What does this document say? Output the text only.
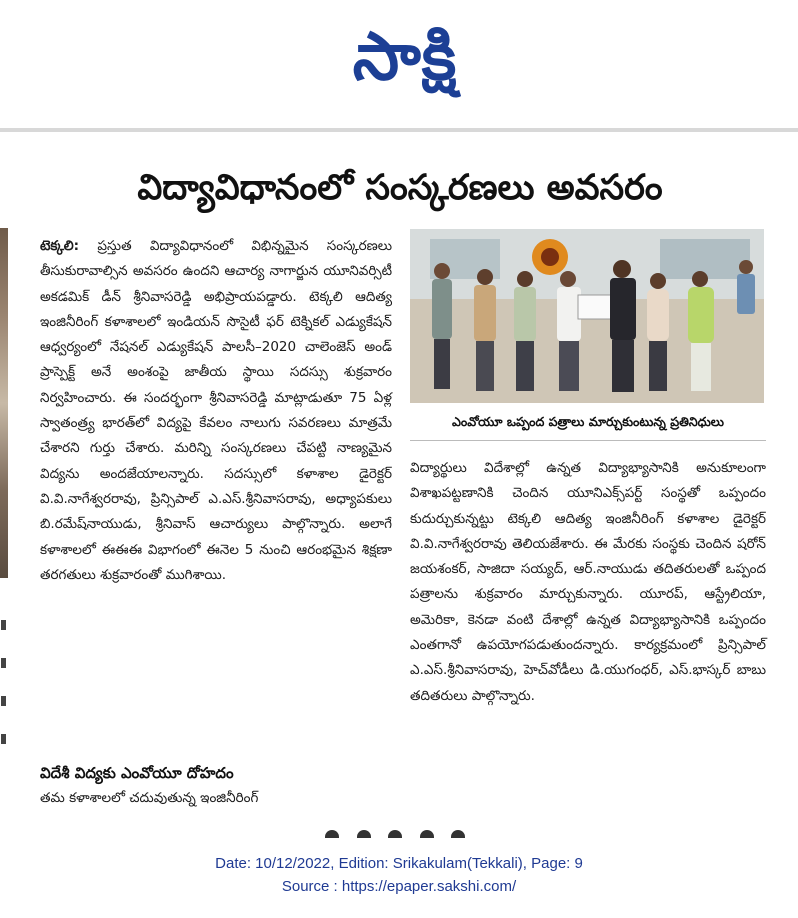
సాక్షి
విద్యావిధానంలో సంస్కరణలు అవసరం
టెక్కలి: ప్రస్తుత విద్యావిధానంలో విభిన్నమైన సంస్కరణలు తీసుకురావాల్సిన అవసరం ఉందని ఆచార్య నాగార్జున యూనివర్సిటీ అకడమిక్ డీన్ శ్రీనివాసరెడ్డి అభిప్రాయపడ్డారు. టెక్కలి ఆదిత్య ఇంజినీరింగ్ కళాశాలలో ఇండియన్ సొసైటీ ఫర్ టెక్నికల్ ఎడ్యుకేషన్ ఆధ్వర్యంలో నేషనల్ ఎడ్యుకేషన్ పాలసీ–2020 చాలెంజెస్ అండ్ ప్రాస్పెక్ట్ అనే అంశంపై జాతీయ స్థాయి సదస్సు శుక్రవారం నిర్వహించారు. ఈ సందర్భంగా శ్రీనివాసరెడ్డి మాట్లాడుతూ 75 ఏళ్ల స్వాతంత్ర్య భారత్‌లో విద్యపై కేవలం నాలుగు సవరణలు మాత్రమే చేశారని గుర్తు చేశారు. మరిన్ని సంస్కరణలు చేపట్టి నాణ్యమైన విద్యను అందజేయాలన్నారు. సదస్సులో కళాశాల డైరెక్టర్ వి.వి.నాగేశ్వరరావు, ప్రిన్సిపాల్ ఎ.ఎస్.శ్రీనివాసరావు, అధ్యాపకులు బి.రమేష్‌నాయుడు, శ్రీనివాస్ ఆచార్యులు పాల్గొన్నారు. అలాగే కళాశాలలో ఈఈఈ విభాగంలో ఈనెల 5 నుంచి ఆరంభమైన శిక్షణా తరగతులు శుక్రవారంతో ముగిశాయి.
విదేశీ విద్యకు ఎంవోయూ దోహదం
తమ కళాశాలలో చదువుతున్న ఇంజినీరింగ్
ఎంవోయూ ఒప్పంద పత్రాలు మార్చుకుంటున్న ప్రతినిధులు
విద్యార్థులు విదేశాల్లో ఉన్నత విద్యాభ్యాసానికి అనుకూలంగా విశాఖపట్టణానికి చెందిన యూనిఎక్స్‌పర్ట్ సంస్థతో ఒప్పందం కుదుర్చుకున్నట్టు టెక్కలి ఆదిత్య ఇంజినీరింగ్ కళాశాల డైరెక్టర్ వి.వి.నాగేశ్వరరావు తెలియజేశారు. ఈ మేరకు సంస్థకు చెందిన షరోన్ జయశంకర్, సాజిదా సయ్యద్, ఆర్.నాయుడు తదితరులతో ఒప్పంద పత్రాలను శుక్రవారం మార్చుకున్నారు. యూరప్, ఆస్ట్రేలియా, అమెరికా, కెనడా వంటి దేశాల్లో ఉన్నత విద్యాభ్యాసానికి ఒప్పందం ఎంతగానో ఉపయోగపడుతుందన్నారు. కార్యక్రమంలో ప్రిన్సిపాల్ ఎ.ఎస్.శ్రీనివాసరావు, హెచ్‌వోడీలు డి.యుగంధర్, ఎస్.భాస్కర్ బాబు తదితరులు పాల్గొన్నారు.
Date: 10/12/2022, Edition: Srikakulam(Tekkali), Page: 9
Source : https://epaper.sakshi.com/
